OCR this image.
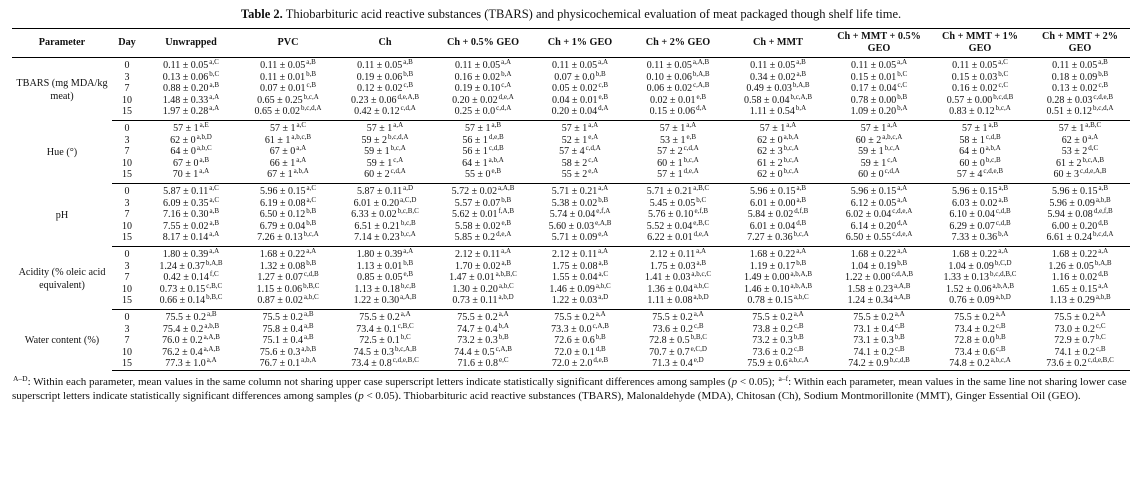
Table 2. Thiobarbituric acid reactive substances (TBARS) and physicochemical evaluation of meat packaged though shelf life time.
Parameter	Day	Unwrapped	PVC	Ch	Ch + 0.5% GEO	Ch + 1% GEO	Ch + 2% GEO	Ch + MMT	Ch + MMT + 0.5% GEO	Ch + MMT + 1% GEO	Ch + MMT + 2% GEO
TBARS (mg MDA/kg meat)	0	$0.11 \pm 0.05^{a,C}$	$0.11 \pm 0.05^{a,B}$	$0.11 \pm 0.05^{a,B}$	$0.11 \pm 0.05^{a,A}$	$0.11 \pm 0.05^{a,A}$	$0.11 \pm 0.05^{a,A,B}$	$0.11 \pm 0.05^{a,B}$	$0.11 \pm 0.05^{a,A}$	$0.11 \pm 0.05^{a,C}$	$0.11 \pm 0.05^{a,B}$
	3	$0.13 \pm 0.06^{b,C}$	$0.11 \pm 0.01^{b,B}$	$0.19 \pm 0.06^{b,B}$	$0.16 \pm 0.02^{b,A}$	$0.07 \pm 0.0^{b,B}$	$0.10 \pm 0.06^{b,A,B}$	$0.34 \pm 0.02^{a,B}$	$0.15 \pm 0.01^{b,C}$	$0.15 \pm 0.03^{b,C}$	$0.18 \pm 0.09^{b,B}$
	7	$0.88 \pm 0.20^{a,B}$	$0.07 \pm 0.01^{c,B}$	$0.12 \pm 0.02^{c,B}$	$0.19 \pm 0.10^{c,A}$	$0.05 \pm 0.02^{c,B}$	$0.06 \pm 0.02^{c,A,B}$	$0.49 \pm 0.03^{b,A,B}$	$0.17 \pm 0.04^{c,C}$	$0.16 \pm 0.02^{c,C}$	$0.13 \pm 0.02^{c,B}$
	10	$1.48 \pm 0.33^{a,A}$	$0.65 \pm 0.25^{b,c,A}$	$0.23 \pm 0.06^{d,e,A,B}$	$0.20 \pm 0.02^{d,e,A}$	$0.04 \pm 0.01^{e,B}$	$0.02 \pm 0.01^{e,B}$	$0.58 \pm 0.04^{b,c,A,B}$	$0.78 \pm 0.00^{b,B}$	$0.57 \pm 0.00^{b,c,d,B}$	$0.28 \pm 0.03^{c,d,e,B}$
	15	$1.97 \pm 0.28^{a,A}$	$0.65 \pm 0.02^{b,c,d,A}$	$0.42 \pm 0.12^{c,d,A}$	$0.25 \pm 0.0^{c,d,A}$	$0.20 \pm 0.04^{d,A}$	$0.15 \pm 0.06^{d,A}$	$1.11 \pm 0.54^{b,A}$	$1.09 \pm 0.20^{b,A}$	$0.83 \pm 0.12^{b,c,A}$	$0.51 \pm 0.12^{b,c,d,A}$
Hue (°)	0	$57 \pm 1^{a,E}$	$57 \pm 1^{a,C}$	$57 \pm 1^{a,A}$	$57 \pm 1^{a,B}$	$57 \pm 1^{a,A}$	$57 \pm 1^{a,A}$	$57 \pm 1^{a,A}$	$57 \pm 1^{a,A}$	$57 \pm 1^{a,B}$	$57 \pm 1^{a,B,C}$
	3	$62 \pm 0^{a,b,D}$	$61 \pm 1^{a,b,c,B}$	$59 \pm 2^{b,c,d,A}$	$56 \pm 1^{d,e,B}$	$52 \pm 1^{e,A}$	$53 \pm 1^{e,B}$	$62 \pm 0^{a,b,A}$	$60 \pm 2^{a,b,c,A}$	$58 \pm 1^{c,d,B}$	$62 \pm 0^{a,A}$
	7	$64 \pm 0^{a,b,C}$	$67 \pm 0^{a,A}$	$59 \pm 1^{b,c,A}$	$56 \pm 1^{c,d,B}$	$57 \pm 4^{c,d,A}$	$57 \pm 2^{c,d,A}$	$62 \pm 3^{b,c,A}$	$59 \pm 1^{b,c,A}$	$64 \pm 0^{a,b,A}$	$53 \pm 2^{d,C}$
	10	$67 \pm 0^{a,B}$	$66 \pm 1^{a,A}$	$59 \pm 1^{c,A}$	$64 \pm 1^{a,b,A}$	$58 \pm 2^{c,A}$	$60 \pm 1^{b,c,A}$	$61 \pm 2^{b,c,A}$	$59 \pm 1^{c,A}$	$60 \pm 0^{b,c,B}$	$61 \pm 2^{b,c,A,B}$
	15	$70 \pm 1^{a,A}$	$67 \pm 1^{a,b,A}$	$60 \pm 2^{c,d,A}$	$55 \pm 0^{e,B}$	$55 \pm 2^{e,A}$	$57 \pm 1^{d,e,A}$	$62 \pm 0^{b,c,A}$	$60 \pm 0^{c,d,A}$	$57 \pm 4^{c,d,e,B}$	$60 \pm 3^{c,d,e,A,B}$
pH	0	$5.87 \pm 0.11^{a,C}$	$5.96 \pm 0.15^{a,C}$	$5.87 \pm 0.11^{a,D}$	$5.72 \pm 0.02^{a,A,B}$	$5.71 \pm 0.21^{a,A}$	$5.71 \pm 0.21^{a,B,C}$	$5.96 \pm 0.15^{a,B}$	$5.96 \pm 0.15^{a,A}$	$5.96 \pm 0.15^{a,B}$	$5.96 \pm 0.15^{a,B}$
	3	$6.09 \pm 0.35^{a,C}$	$6.19 \pm 0.08^{a,C}$	$6.01 \pm 0.20^{a,C,D}$	$5.57 \pm 0.07^{b,B}$	$5.38 \pm 0.02^{b,B}$	$5.45 \pm 0.05^{b,C}$	$6.01 \pm 0.00^{a,B}$	$6.12 \pm 0.05^{a,A}$	$6.03 \pm 0.02^{a,B}$	$5.96 \pm 0.09^{a,b,B}$
	7	$7.16 \pm 0.30^{a,B}$	$6.50 \pm 0.12^{b,B}$	$6.33 \pm 0.02^{b,c,B,C}$	$5.62 \pm 0.01^{f,A,B}$	$5.74 \pm 0.04^{e,f,A}$	$5.76 \pm 0.10^{e,f,B}$	$5.84 \pm 0.02^{d,f,B}$	$6.02 \pm 0.04^{c,d,e,A}$	$6.10 \pm 0.04^{c,d,B}$	$5.94 \pm 0.08^{d,e,f,B}$
	10	$7.55 \pm 0.02^{a,B}$	$6.79 \pm 0.04^{b,B}$	$6.51 \pm 0.21^{b,c,B}$	$5.58 \pm 0.02^{e,B}$	$5.60 \pm 0.03^{e,A,B}$	$5.52 \pm 0.04^{e,B,C}$	$6.01 \pm 0.04^{d,B}$	$6.14 \pm 0.20^{d,A}$	$6.29 \pm 0.07^{c,d,B}$	$6.00 \pm 0.20^{d,B}$
	15	$8.17 \pm 0.14^{a,A}$	$7.26 \pm 0.13^{b,c,A}$	$7.14 \pm 0.23^{b,c,A}$	$5.85 \pm 0.2^{d,e,A}$	$5.71 \pm 0.09^{e,A}$	$6.22 \pm 0.01^{d,e,A}$	$7.27 \pm 0.36^{b,c,A}$	$6.50 \pm 0.55^{c,d,e,A}$	$7.33 \pm 0.36^{b,A}$	$6.61 \pm 0.24^{b,c,d,A}$
Acidity (% oleic acid equivalent)	0	$1.80 \pm 0.39^{a,A}$	$1.68 \pm 0.22^{a,A}$	$1.80 \pm 0.39^{a,A}$	$2.12 \pm 0.11^{a,A}$	$2.12 \pm 0.11^{a,A}$	$2.12 \pm 0.11^{a,A}$	$1.68 \pm 0.22^{a,A}$	$1.68 \pm 0.22^{a,A}$	$1.68 \pm 0.22^{a,A}$	$1.68 \pm 0.22^{a,A}$
	3	$1.24 \pm 0.37^{b,A,B}$	$1.32 \pm 0.08^{b,B}$	$1.13 \pm 0.01^{b,B}$	$1.70 \pm 0.02^{a,B}$	$1.75 \pm 0.08^{a,B}$	$1.75 \pm 0.03^{a,B}$	$1.19 \pm 0.17^{b,B}$	$1.04 \pm 0.19^{b,B}$	$1.04 \pm 0.09^{b,C,D}$	$1.26 \pm 0.05^{b,A,B}$
	7	$0.42 \pm 0.14^{f,C}$	$1.27 \pm 0.07^{c,d,B}$	$0.85 \pm 0.05^{e,B}$	$1.47 \pm 0.01^{a,b,B,C}$	$1.55 \pm 0.04^{a,C}$	$1.41 \pm 0.03^{a,b,c,C}$	$1.49 \pm 0.00^{a,b,A,B}$	$1.22 \pm 0.00^{c,d,A,B}$	$1.33 \pm 0.13^{b,c,d,B,C}$	$1.16 \pm 0.02^{d,B}$
	10	$0.73 \pm 0.15^{c,B,C}$	$1.15 \pm 0.06^{b,B,C}$	$1.13 \pm 0.18^{b,c,B}$	$1.30 \pm 0.20^{a,b,C}$	$1.46 \pm 0.09^{a,b,C}$	$1.36 \pm 0.04^{a,b,C}$	$1.46 \pm 0.10^{a,b,A,B}$	$1.58 \pm 0.23^{a,A,B}$	$1.52 \pm 0.06^{a,b,A,B}$	$1.65 \pm 0.15^{a,A}$
	15	$0.66 \pm 0.14^{b,B,C}$	$0.87 \pm 0.02^{a,b,C}$	$1.22 \pm 0.30^{a,A,B}$	$0.73 \pm 0.11^{a,b,D}$	$1.22 \pm 0.03^{a,D}$	$1.11 \pm 0.08^{a,b,D}$	$0.78 \pm 0.15^{a,b,C}$	$1.24 \pm 0.34^{a,A,B}$	$0.76 \pm 0.09^{a,b,D}$	$1.13 \pm 0.29^{a,b,B}$
Water content (%)	0	$75.5 \pm 0.2^{a,B}$	$75.5 \pm 0.2^{a,B}$	$75.5 \pm 0.2^{a,A}$	$75.5 \pm 0.2^{a,A}$	$75.5 \pm 0.2^{a,A}$	$75.5 \pm 0.2^{a,A}$	$75.5 \pm 0.2^{a,A}$	$75.5 \pm 0.2^{a,A}$	$75.5 \pm 0.2^{a,A}$	$75.5 \pm 0.2^{a,A}$
	3	$75.4 \pm 0.2^{a,b,B}$	$75.8 \pm 0.4^{a,B}$	$73.4 \pm 0.1^{c,B,C}$	$74.7 \pm 0.4^{b,A}$	$73.3 \pm 0.0^{c,A,B}$	$73.6 \pm 0.2^{c,B}$	$73.8 \pm 0.2^{c,B}$	$73.1 \pm 0.4^{c,B}$	$73.4 \pm 0.2^{c,B}$	$73.0 \pm 0.2^{c,C}$
	7	$76.0 \pm 0.2^{a,A,B}$	$75.1 \pm 0.4^{a,B}$	$72.5 \pm 0.1^{b,C}$	$73.2 \pm 0.3^{b,B}$	$72.6 \pm 0.6^{b,B}$	$72.8 \pm 0.5^{b,B,C}$	$73.2 \pm 0.3^{b,B}$	$73.1 \pm 0.3^{b,B}$	$72.8 \pm 0.0^{b,B}$	$72.9 \pm 0.7^{b,C}$
	10	$76.2 \pm 0.4^{a,A,B}$	$75.6 \pm 0.3^{a,b,B}$	$74.5 \pm 0.3^{b,c,A,B}$	$74.4 \pm 0.5^{c,A,B}$	$72.0 \pm 0.1^{d,B}$	$70.7 \pm 0.7^{e,C,D}$	$73.6 \pm 0.2^{c,B}$	$74.1 \pm 0.2^{c,B}$	$73.4 \pm 0.6^{c,B}$	$74.1 \pm 0.2^{c,B}$
	15	$77.3 \pm 1.0^{a,A}$	$76.7 \pm 0.1^{a,b,A}$	$73.4 \pm 0.8^{c,d,e,B,C}$	$71.6 \pm 0.8^{e,C}$	$72.0 \pm 2.0^{d,e,B}$	$71.3 \pm 0.4^{e,D}$	$75.9 \pm 0.6^{a,b,c,A}$	$74.2 \pm 0.9^{b,c,d,B}$	$74.8 \pm 0.2^{a,b,c,A}$	$73.6 \pm 0.2^{c,d,e,B,C}$
$^{A-D}$: Within each parameter, mean values in the same column not sharing upper case superscript letters indicate statistically significant differences among samples (p < 0.05); $^{a-f}$: Within each parameter, mean values in the same line not sharing lower case superscript letters indicate statistically significant differences among samples (p < 0.05). Thiobarbituric acid reactive substances (TBARS), Malonaldehyde (MDA), Chitosan (Ch), Sodium Montmorillonite (MMT), Ginger Essential Oil (GEO).
